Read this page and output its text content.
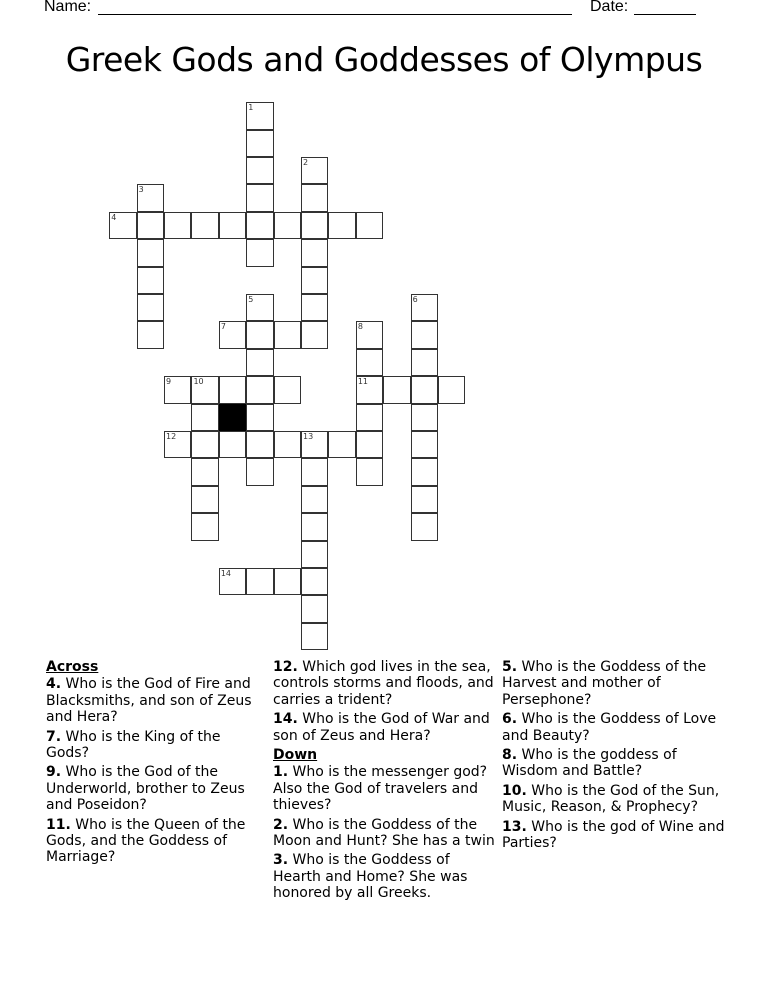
Name:	Date:
Greek Gods and Goddesses of Olympus
1
2
3
4
5	6
7	8
11
9	10
12	13
14
Across
4. Who is the God of Fire and Blacksmiths, and son of Zeus and Hera?
7. Who is the King of the Gods?
9. Who is the God of the Underworld, brother to Zeus and Poseidon?
11. Who is the Queen of the Gods, and the Goddess of Marriage?
12. Which god lives in the sea, controls storms and floods, and carries a trident?
14. Who is the God of War and son of Zeus and Hera?
Down
1. Who is the messenger god? Also the God of travelers and thieves?
2. Who is the Goddess of the Moon and Hunt? She has a twin
3. Who is the Goddess of Hearth and Home? She was honored by all Greeks.
5. Who is the Goddess of the Harvest and mother of Persephone?
6. Who is the Goddess of Love and Beauty?
8. Who is the goddess of Wisdom and Battle?
10. Who is the God of the Sun, Music, Reason, & Prophecy?
13. Who is the god of Wine and Parties?
